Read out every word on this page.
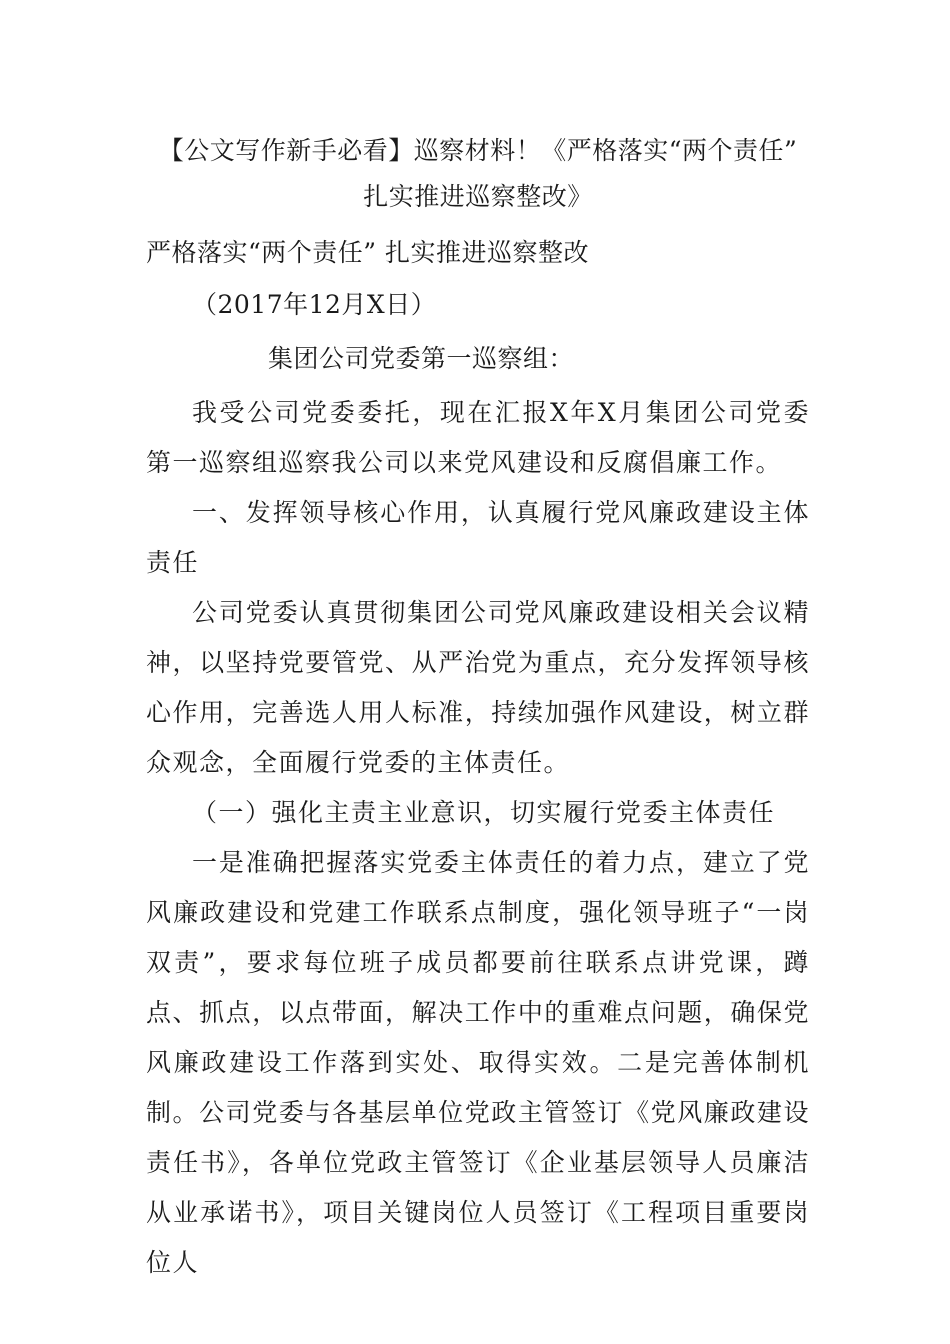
【公文写作新手必看】巡察材料！《严格落实“两个责任” 扎实推进巡察整改》

严格落实“两个责任” 扎实推进巡察整改

（2017年12月X日）

集团公司党委第一巡察组：

我受公司党委委托，现在汇报X年X月集团公司党委第一巡察组巡察我公司以来党风建设和反腐倡廉工作。

一、发挥领导核心作用，认真履行党风廉政建设主体责任

公司党委认真贯彻集团公司党风廉政建设相关会议精神，以坚持党要管党、从严治党为重点，充分发挥领导核心作用，完善选人用人标准，持续加强作风建设，树立群众观念，全面履行党委的主体责任。

（一）强化主责主业意识，切实履行党委主体责任

一是准确把握落实党委主体责任的着力点，建立了党风廉政建设和党建工作联系点制度，强化领导班子“一岗双责”，要求每位班子成员都要前往联系点讲党课，蹲点、抓点，以点带面，解决工作中的重难点问题，确保党风廉政建设工作落到实处、取得实效。二是完善体制机制。公司党委与各基层单位党政主管签订《党风廉政建设责任书》，各单位党政主管签订《企业基层领导人员廉洁从业承诺书》，项目关键岗位人员签订《工程项目重要岗位人
